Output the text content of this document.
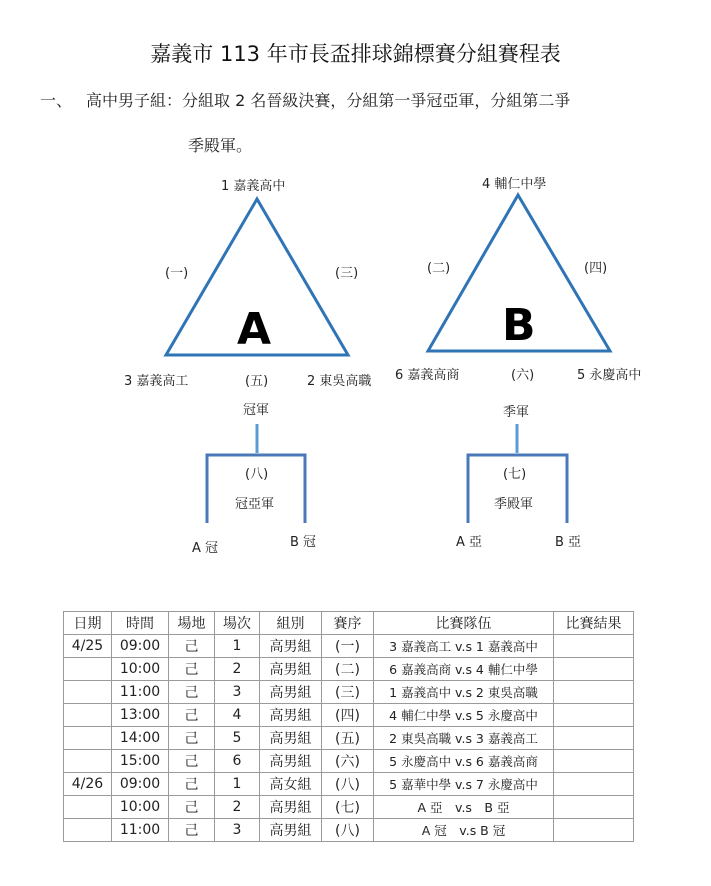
嘉義市 113 年市長盃排球錦標賽分組賽程表
一、 高中男子組：分組取 2 名晉級決賽，分組第一爭冠亞軍，分組第二爭
季殿軍。
1 嘉義高中
(一)	(三)
A
3 嘉義高工	(五)	2 東吳高職
4 輔仁中學
(二)	(四)
B
6 嘉義高商	(六)	5 永慶高中
冠軍
(八)
冠亞軍
A 冠	B 冠
季軍
(七)
季殿軍
A 亞	B 亞
日期	時間	場地	場次	組別	賽序	比賽隊伍	比賽結果
4/25	09:00	己	1	高男組	(一)	3 嘉義高工 v.s 1 嘉義高中	
	10:00	己	2	高男組	(二)	6 嘉義高商 v.s 4 輔仁中學	
	11:00	己	3	高男組	(三)	1 嘉義高中 v.s 2 東吳高職	
	13:00	己	4	高男組	(四)	4 輔仁中學 v.s 5 永慶高中	
	14:00	己	5	高男組	(五)	2 東吳高職 v.s 3 嘉義高工	
	15:00	己	6	高男組	(六)	5 永慶高中 v.s 6 嘉義高商	
4/26	09:00	己	1	高女組	(八)	5 嘉華中學 v.s 7 永慶高中	
	10:00	己	2	高男組	(七)	A 亞　v.s　B 亞	
	11:00	己	3	高男組	(八)	A 冠　v.s B 冠	
